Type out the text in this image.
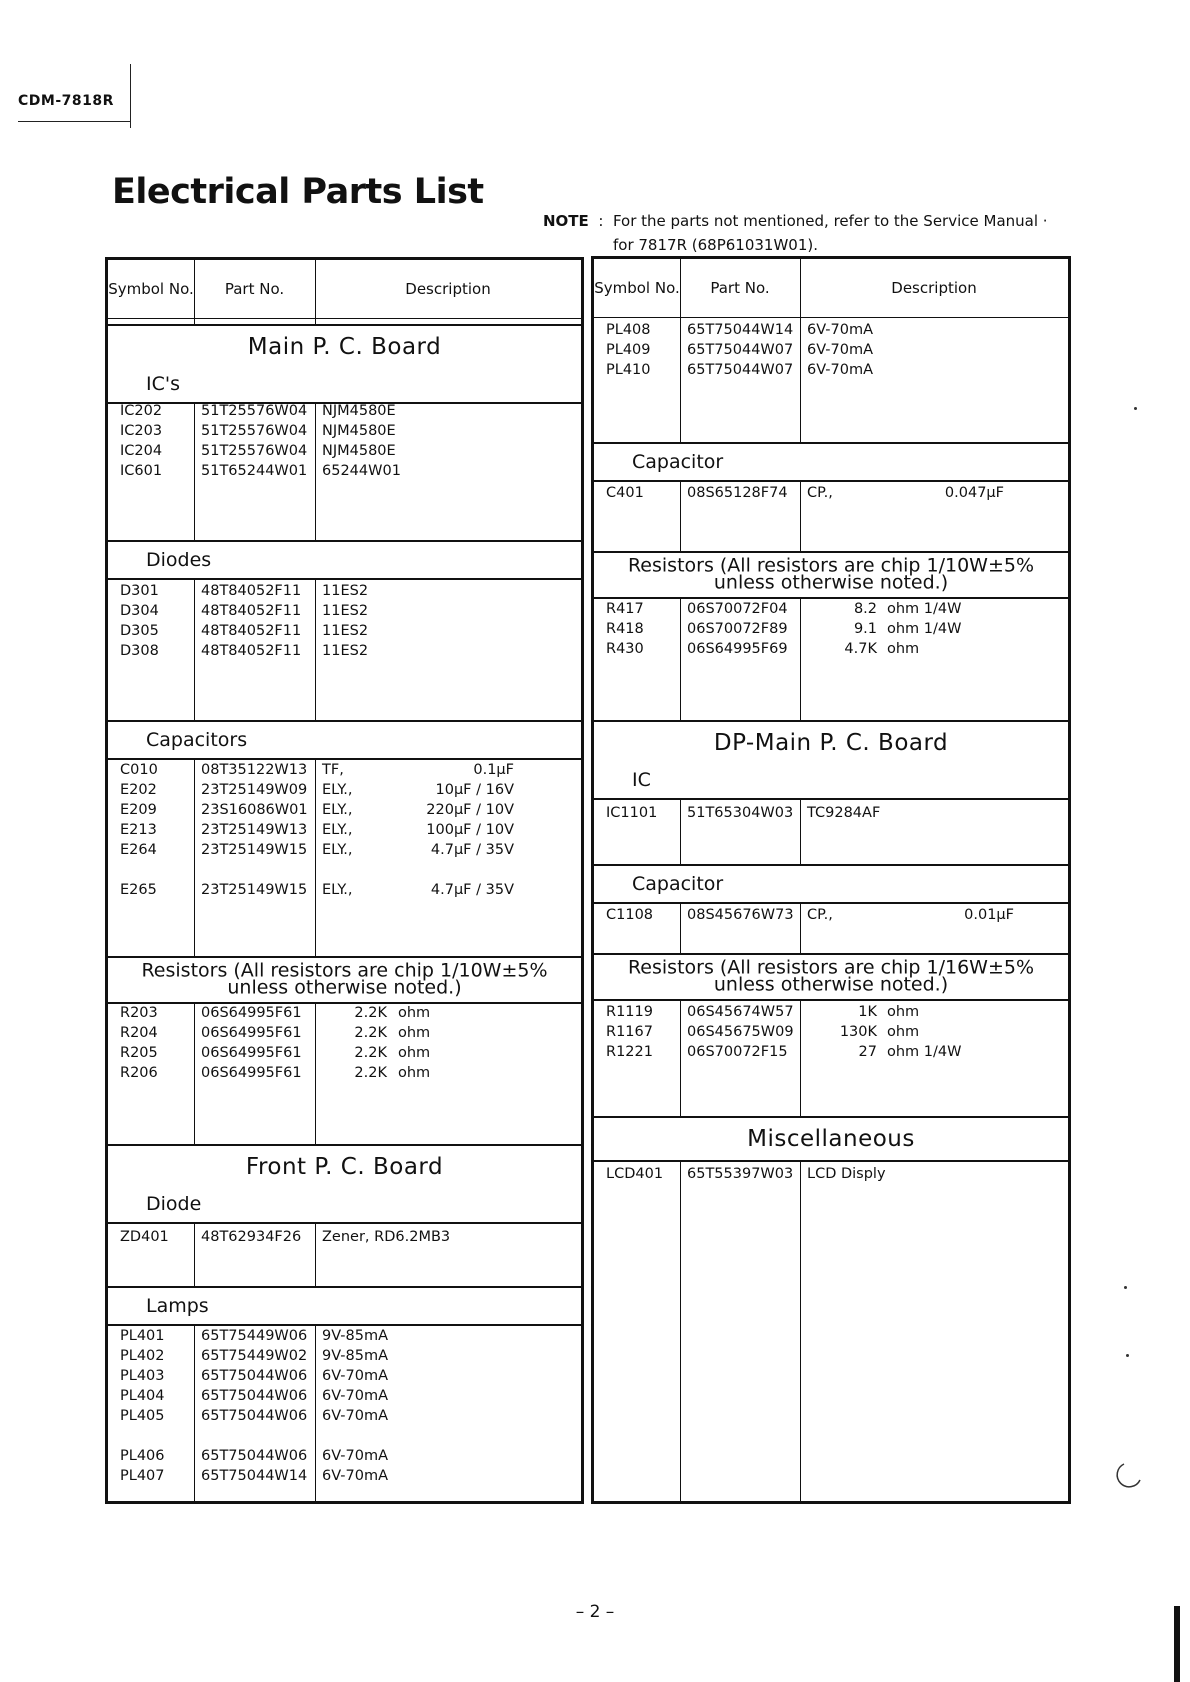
CDM-7818R
Electrical Parts List
NOTE  :  For the parts not mentioned, refer to the Service Manual ·
for 7817R (68P61031W01).
Symbol No.	Part No.	Description
Main P. C. Board
IC's
IC202	51T25576W04 NJM4580E
IC203	51T25576W04 NJM4580E
IC204	51T25576W04 NJM4580E
IC601	51T65244W01 65244W01
Diodes
D301	48T84052F11 11ES2
D304	48T84052F11 11ES2
D305	48T84052F11 11ES2
D308	48T84052F11 11ES2
Capacitors
C010	08T35122W13 TF,	0.1μF
E202	23T25149W09 ELY.,	10μF / 16V
E209	23S16086W01 ELY.,	220μF / 10V
E213	23T25149W13 ELY.,	100μF / 10V
E264	23T25149W15 ELY.,	4.7μF / 35V
E265	23T25149W15 ELY.,	4.7μF / 35V
Resistors (All resistors are chip 1/10W±5%
unless otherwise noted.)
R203	06S64995F61	2.2K ohm
R204	06S64995F61	2.2K ohm
R205	06S64995F61	2.2K ohm
R206	06S64995F61	2.2K ohm
Front P. C. Board
Diode
ZD401 48T62934F26 Zener, RD6.2MB3
Lamps
PL401	65T75449W06 9V-85mA
PL402	65T75449W02 9V-85mA
PL403	65T75044W06 6V-70mA
PL404	65T75044W06 6V-70mA
PL405	65T75044W06 6V-70mA
PL406	65T75044W06 6V-70mA
PL407	65T75044W14 6V-70mA
Symbol No.	Part No.	Description
PL408	65T75044W14 6V-70mA
PL409	65T75044W07 6V-70mA
PL410	65T75044W07 6V-70mA
Capacitor
C401	08S65128F74 CP.,	0.047μF
Resistors (All resistors are chip 1/10W±5%
unless otherwise noted.)
R417	06S70072F04	8.2 ohm 1/4W
R418	06S70072F89	9.1 ohm 1/4W
R430	06S64995F69	4.7K ohm
DP-Main P. C. Board
IC
IC1101 51T65304W03 TC9284AF
Capacitor
C1108 08S45676W73 CP.,	0.01μF
Resistors (All resistors are chip 1/16W±5%
unless otherwise noted.)
R1119 06S45674W57	1K ohm
R1167 06S45675W09	130K ohm
R1221 06S70072F15	27 ohm 1/4W
Miscellaneous
LCD401 65T55397W03 LCD Disply
– 2 –
